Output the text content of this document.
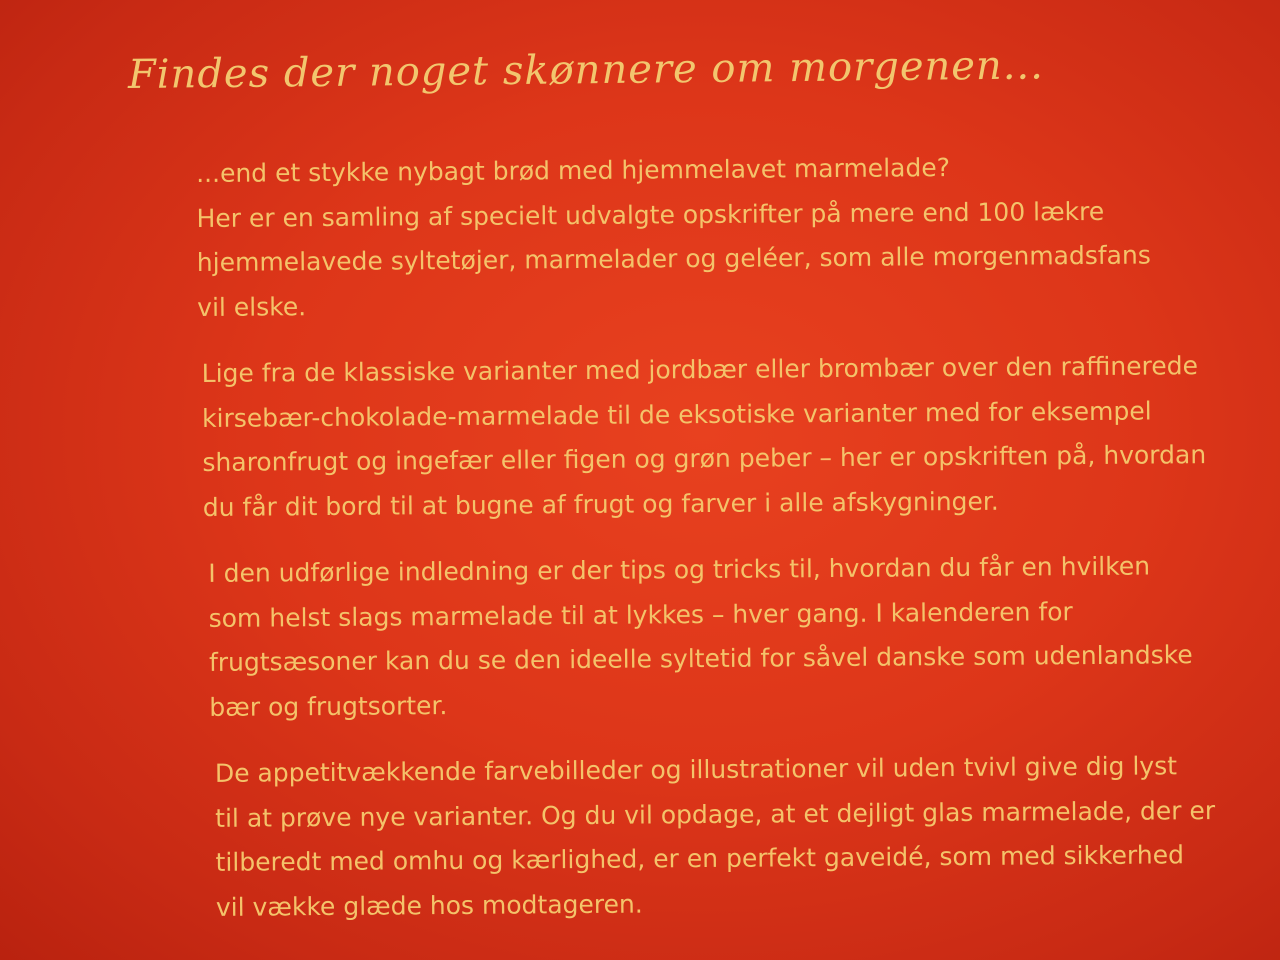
Findes der noget skønnere om morgenen...

...end et stykke nybagt brød med hjemmelavet marmelade?
Her er en samling af specielt udvalgte opskrifter på mere end 100 lækre
hjemmelavede syltetøjer, marmelader og geléer, som alle morgenmadsfans
vil elske.

Lige fra de klassiske varianter med jordbær eller brombær over den raffinerede
kirsebær-chokolade-marmelade til de eksotiske varianter med for eksempel
sharonfrugt og ingefær eller figen og grøn peber – her er opskriften på, hvordan
du får dit bord til at bugne af frugt og farver i alle afskygninger.

I den udførlige indledning er der tips og tricks til, hvordan du får en hvilken
som helst slags marmelade til at lykkes – hver gang. I kalenderen for
frugtsæsoner kan du se den ideelle syltetid for såvel danske som udenlandske
bær og frugtsorter.

De appetitvækkende farvebilleder og illustrationer vil uden tvivl give dig lyst
til at prøve nye varianter. Og du vil opdage, at et dejligt glas marmelade, der er
tilberedt med omhu og kærlighed, er en perfekt gaveidé, som med sikkerhed
vil vække glæde hos modtageren.
